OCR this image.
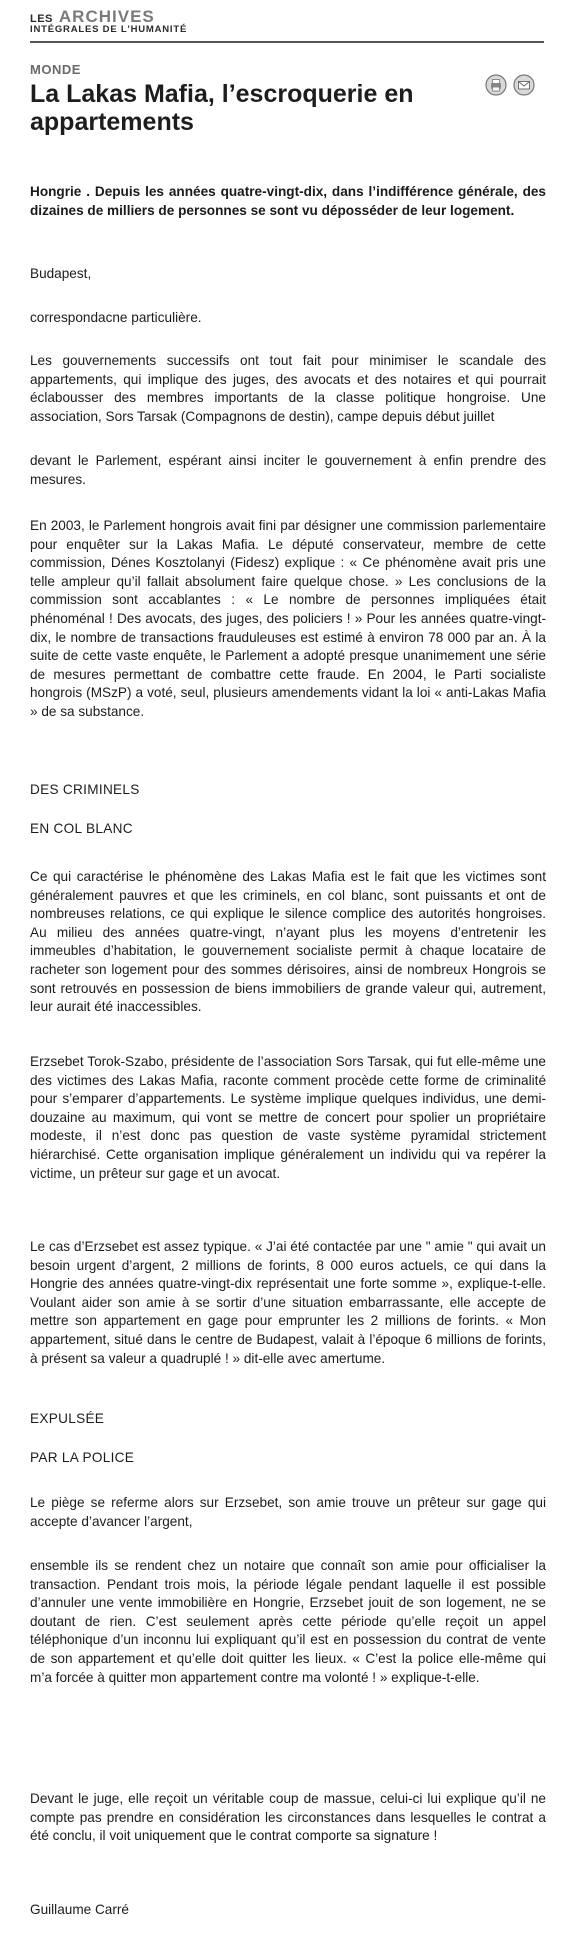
LES ARCHIVES
INTÉGRALES DE L'HUMANITÉ
MONDE
La Lakas Mafia, l’escroquerie en appartements

Hongrie . Depuis les années quatre-vingt-dix, dans l’indifférence générale, des dizaines de milliers de personnes se sont vu déposséder de leur logement.

Budapest,

correspondacne particulière.

Les gouvernements successifs ont tout fait pour minimiser le scandale des appartements, qui implique des juges, des avocats et des notaires et qui pourrait éclabousser des membres importants de la classe politique hongroise. Une association, Sors Tarsak (Compagnons de destin), campe depuis début juillet

devant le Parlement, espérant ainsi inciter le gouvernement à enfin prendre des mesures.

En 2003, le Parlement hongrois avait fini par désigner une commission parlementaire pour enquêter sur la Lakas Mafia. Le député conservateur, membre de cette commission, Dénes Kosztolanyi (Fidesz) explique : « Ce phénomène avait pris une telle ampleur qu’il fallait absolument faire quelque chose. » Les conclusions de la commission sont accablantes : « Le nombre de personnes impliquées était phénoménal ! Des avocats, des juges, des policiers ! » Pour les années quatre-vingt-dix, le nombre de transactions frauduleuses est estimé à environ 78 000 par an. À la suite de cette vaste enquête, le Parlement a adopté presque unanimement une série de mesures permettant de combattre cette fraude. En 2004, le Parti socialiste hongrois (MSzP) a voté, seul, plusieurs amendements vidant la loi « anti-Lakas Mafia » de sa substance.

DES CRIMINELS

EN COL BLANC

Ce qui caractérise le phénomène des Lakas Mafia est le fait que les victimes sont généralement pauvres et que les criminels, en col blanc, sont puissants et ont de nombreuses relations, ce qui explique le silence complice des autorités hongroises. Au milieu des années quatre-vingt, n’ayant plus les moyens d’entretenir les immeubles d’habitation, le gouvernement socialiste permit à chaque locataire de racheter son logement pour des sommes dérisoires, ainsi de nombreux Hongrois se sont retrouvés en possession de biens immobiliers de grande valeur qui, autrement, leur aurait été inaccessibles.

Erzsebet Torok-Szabo, présidente de l’association Sors Tarsak, qui fut elle-même une des victimes des Lakas Mafia, raconte comment procède cette forme de criminalité pour s’emparer d’appartements. Le système implique quelques individus, une demi-douzaine au maximum, qui vont se mettre de concert pour spolier un propriétaire modeste, il n’est donc pas question de vaste système pyramidal strictement hiérarchisé. Cette organisation implique généralement un individu qui va repérer la victime, un prêteur sur gage et un avocat.

Le cas d’Erzsebet est assez typique. « J’ai été contactée par une " amie " qui avait un besoin urgent d’argent, 2 millions de forints, 8 000 euros actuels, ce qui dans la Hongrie des années quatre-vingt-dix représentait une forte somme », explique-t-elle. Voulant aider son amie à se sortir d’une situation embarrassante, elle accepte de mettre son appartement en gage pour emprunter les 2 millions de forints. « Mon appartement, situé dans le centre de Budapest, valait à l’époque 6 millions de forints, à présent sa valeur a quadruplé ! » dit-elle avec amertume.

EXPULSÉE

PAR LA POLICE

Le piège se referme alors sur Erzsebet, son amie trouve un prêteur sur gage qui accepte d’avancer l’argent,

ensemble ils se rendent chez un notaire que connaît son amie pour officialiser la transaction. Pendant trois mois, la période légale pendant laquelle il est possible d’annuler une vente immobilière en Hongrie, Erzsebet jouit de son logement, ne se doutant de rien. C’est seulement après cette période qu’elle reçoit un appel téléphonique d’un inconnu lui expliquant qu’il est en possession du contrat de vente de son appartement et qu’elle doit quitter les lieux. « C’est la police elle-même qui m’a forcée à quitter mon appartement contre ma volonté ! » explique-t-elle.

Devant le juge, elle reçoit un véritable coup de massue, celui-ci lui explique qu’il ne compte pas prendre en considération les circonstances dans lesquelles le contrat a été conclu, il voit uniquement que le contrat comporte sa signature !

Guillaume Carré
